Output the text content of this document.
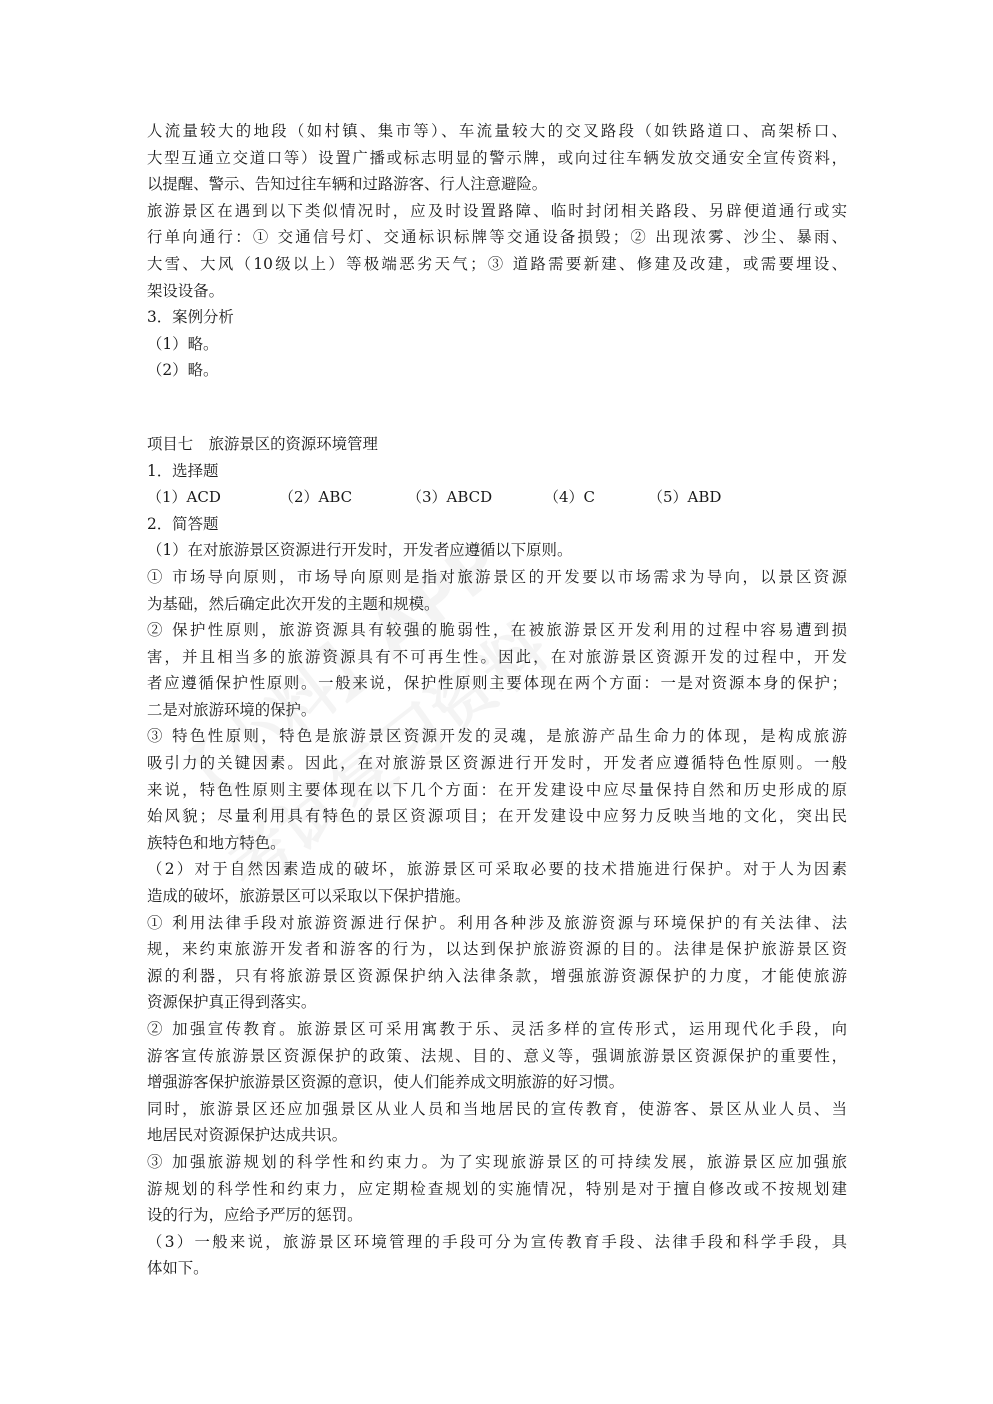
人流量较大的地段（如村镇、集市等）、车流量较大的交叉路段（如铁路道口、高架桥口、

大型互通立交道口等）设置广播或标志明显的警示牌，或向过往车辆发放交通安全宣传资料，

以提醒、警示、告知过往车辆和过路游客、行人注意避险。

旅游景区在遇到以下类似情况时，应及时设置路障、临时封闭相关路段、另辟便道通行或实

行单向通行：① 交通信号灯、交通标识标牌等交通设备损毁；② 出现浓雾、沙尘、暴雨、

大雪、大风（10级以上）等极端恶劣天气；③ 道路需要新建、修建及改建，或需要埋设、

架设设备。

3．案例分析

（1）略。

（2）略。

项目七　旅游景区的资源环境管理

1．选择题

（1）ACD	（2）ABC	（3）ABCD	（4）C	（5）ABD

2．简答题

（1）在对旅游景区资源进行开发时，开发者应遵循以下原则。

① 市场导向原则，市场导向原则是指对旅游景区的开发要以市场需求为导向，以景区资源

为基础，然后确定此次开发的主题和规模。

② 保护性原则，旅游资源具有较强的脆弱性，在被旅游景区开发利用的过程中容易遭到损

害，并且相当多的旅游资源具有不可再生性。因此，在对旅游景区资源开发的过程中，开发

者应遵循保护性原则。一般来说，保护性原则主要体现在两个方面：一是对资源本身的保护；

二是对旅游环境的保护。

③ 特色性原则，特色是旅游景区资源开发的灵魂，是旅游产品生命力的体现，是构成旅游

吸引力的关键因素。因此，在对旅游景区资源进行开发时，开发者应遵循特色性原则。一般

来说，特色性原则主要体现在以下几个方面：在开发建设中应尽量保持自然和历史形成的原

始风貌；尽量利用具有特色的景区资源项目；在开发建设中应努力反映当地的文化，突出民

族特色和地方特色。

（2）对于自然因素造成的破坏，旅游景区可采取必要的技术措施进行保护。对于人为因素

造成的破坏，旅游景区可以采取以下保护措施。

① 利用法律手段对旅游资源进行保护。利用各种涉及旅游资源与环境保护的有关法律、法

规，来约束旅游开发者和游客的行为，以达到保护旅游资源的目的。法律是保护旅游景区资

源的利器，只有将旅游景区资源保护纳入法律条款，增强旅游资源保护的力度，才能使旅游

资源保护真正得到落实。

② 加强宣传教育。旅游景区可采用寓教于乐、灵活多样的宣传形式，运用现代化手段，向

游客宣传旅游景区资源保护的政策、法规、目的、意义等，强调旅游景区资源保护的重要性，

增强游客保护旅游景区资源的意识，使人们能养成文明旅游的好习惯。

同时，旅游景区还应加强景区从业人员和当地居民的宣传教育，使游客、景区从业人员、当

地居民对资源保护达成共识。

③ 加强旅游规划的科学性和约束力。为了实现旅游景区的可持续发展，旅游景区应加强旅

游规划的科学性和约束力，应定期检查规划的实施情况，特别是对于擅自修改或不按规划建

设的行为，应给予严厉的惩罚。

（3）一般来说，旅游景区环境管理的手段可分为宣传教育手段、法律手段和科学手段，具

体如下。
